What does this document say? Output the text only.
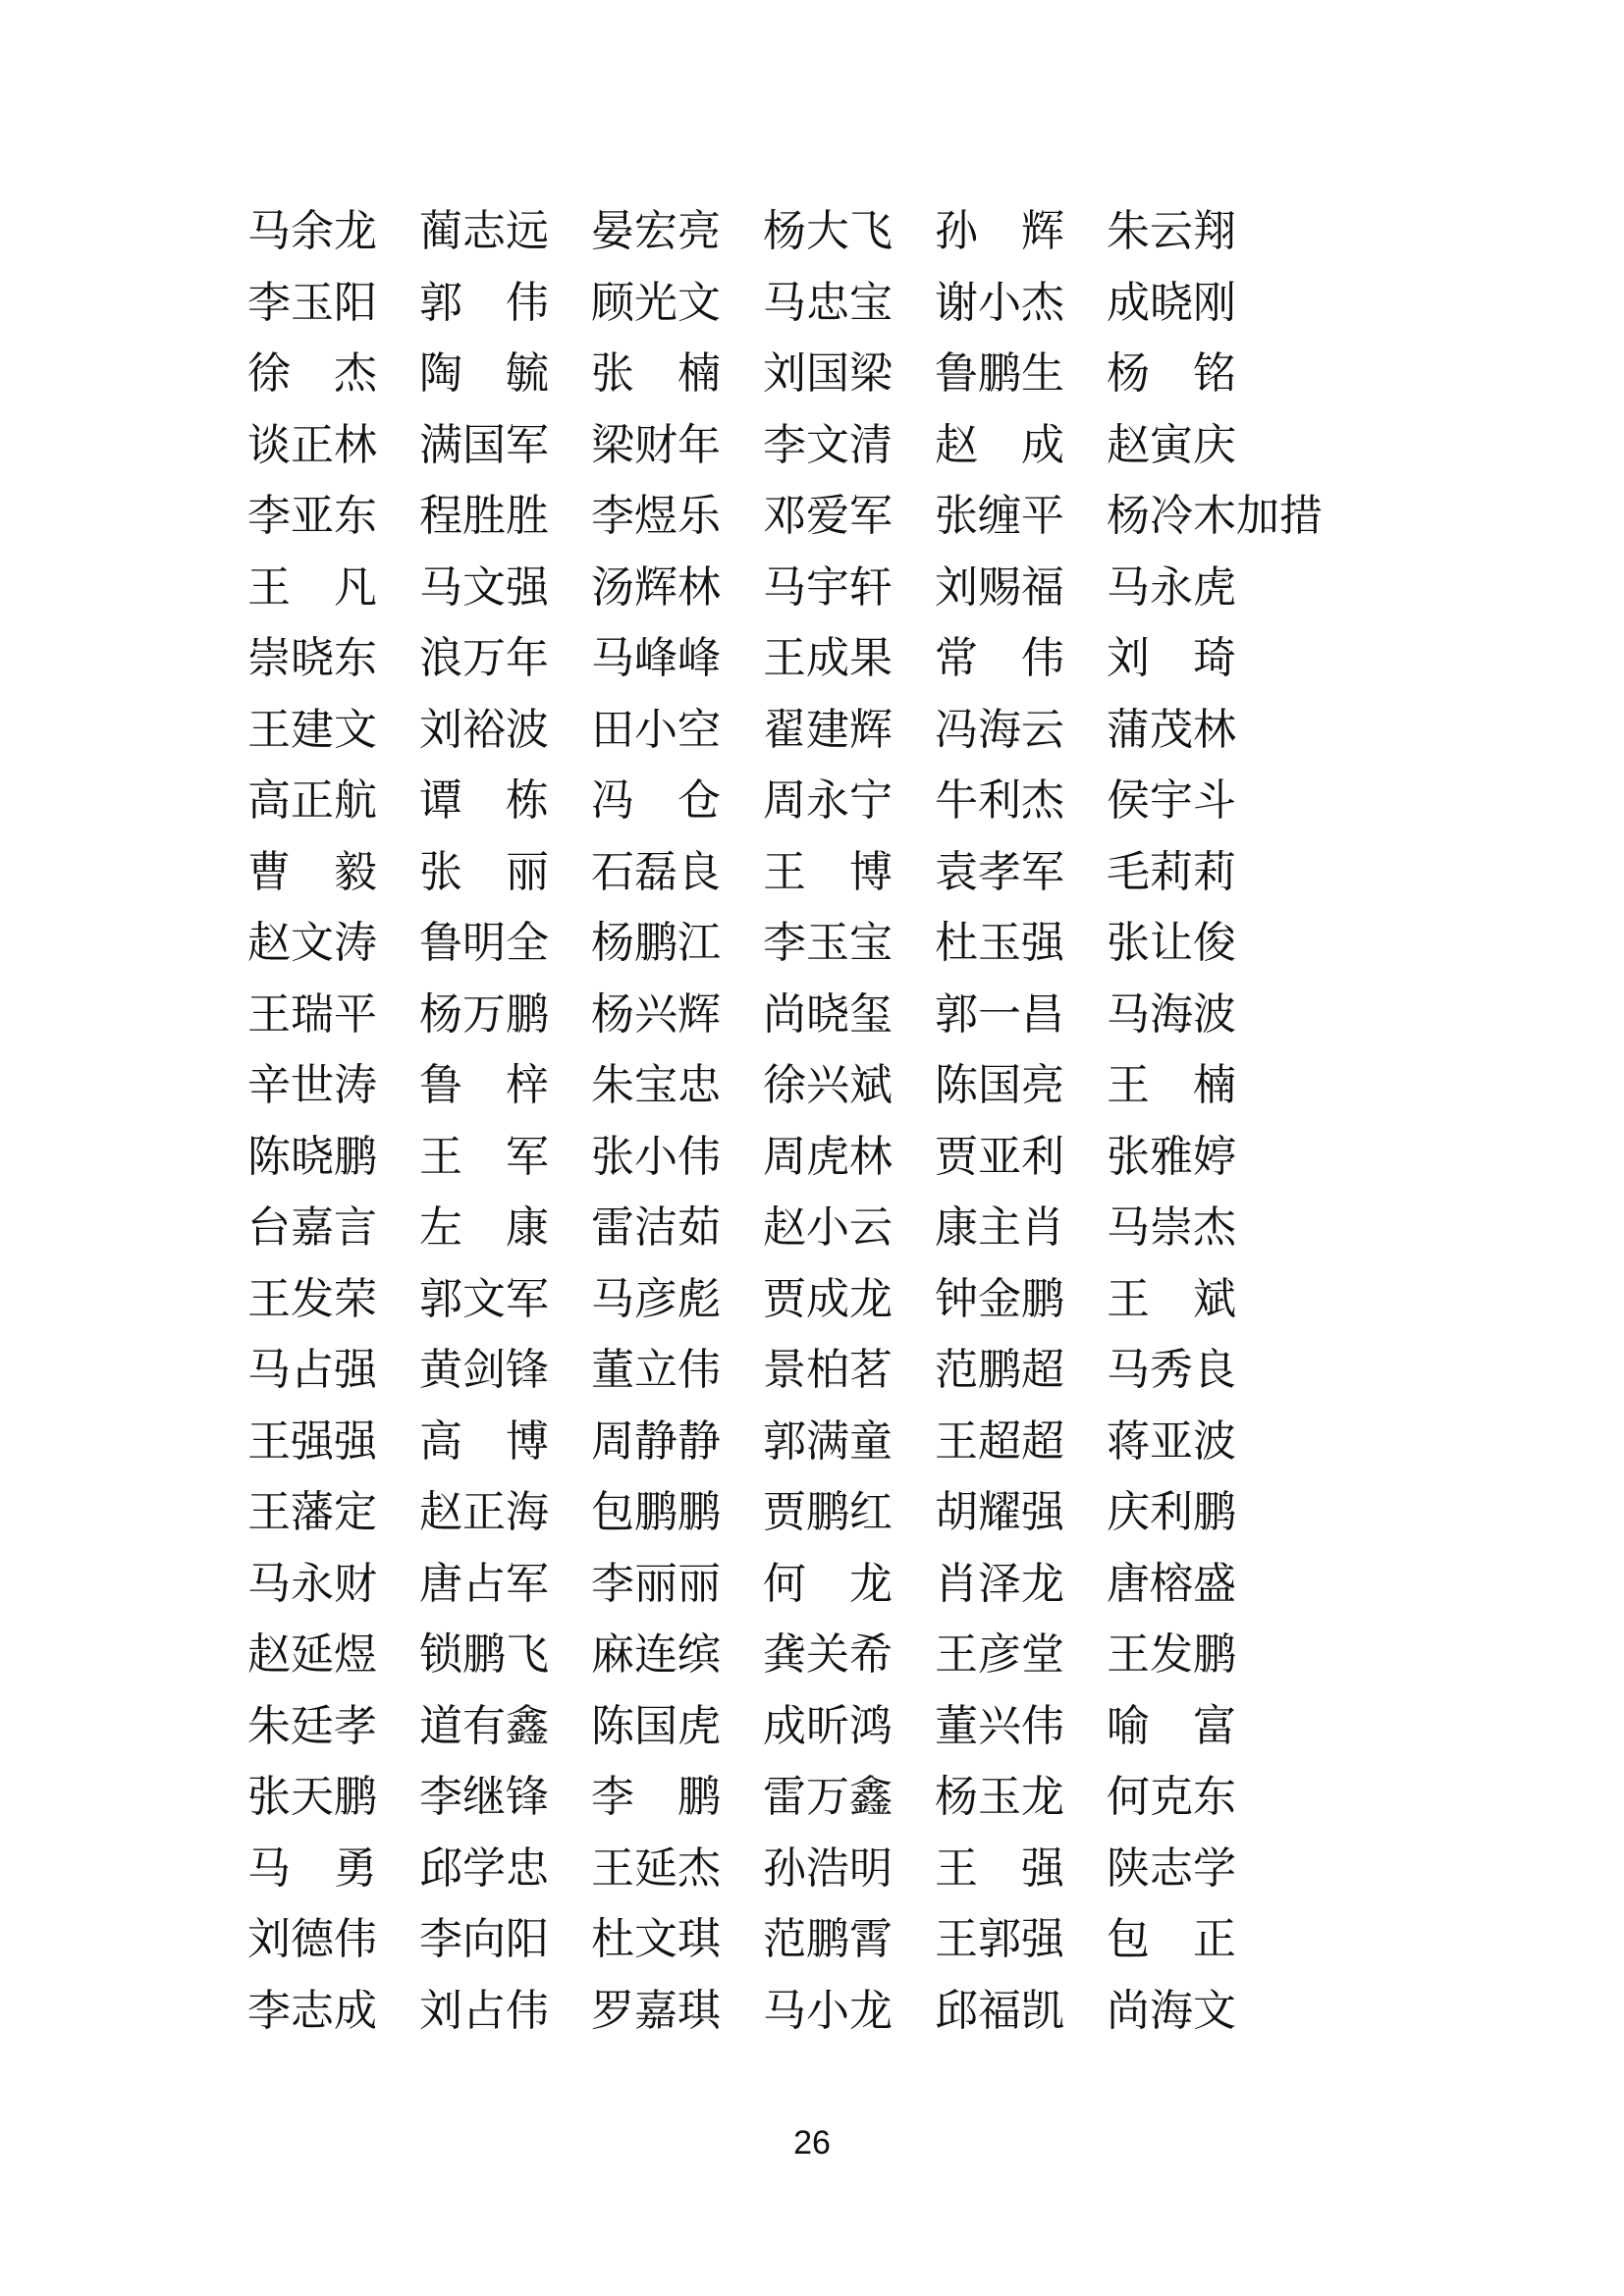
马余龙 蔺志远 晏宏亮 杨大飞 孙　辉 朱云翔
李玉阳 郭　伟 顾光文 马忠宝 谢小杰 成晓刚
徐　杰 陶　毓 张　楠 刘国梁 鲁鹏生 杨　铭
谈正林 满国军 梁财年 李文清 赵　成 赵寅庆
李亚东 程胜胜 李煜乐 邓爱军 张缠平 杨冷木加措
王　凡 马文强 汤辉林 马宇轩 刘赐福 马永虎
崇晓东 浪万年 马峰峰 王成果 常　伟 刘　琦
王建文 刘裕波 田小空 翟建辉 冯海云 蒲茂林
高正航 谭　栋 冯　仓 周永宁 牛利杰 侯宇斗
曹　毅 张　丽 石磊良 王　博 袁孝军 毛莉莉
赵文涛 鲁明全 杨鹏江 李玉宝 杜玉强 张让俊
王瑞平 杨万鹏 杨兴辉 尚晓玺 郭一昌 马海波
辛世涛 鲁　梓 朱宝忠 徐兴斌 陈国亮 王　楠
陈晓鹏 王　军 张小伟 周虎林 贾亚利 张雅婷
台嘉言 左　康 雷洁茹 赵小云 康主肖 马崇杰
王发荣 郭文军 马彦彪 贾成龙 钟金鹏 王　斌
马占强 黄剑锋 董立伟 景柏茗 范鹏超 马秀良
王强强 高　博 周静静 郭满童 王超超 蒋亚波
王藩定 赵正海 包鹏鹏 贾鹏红 胡耀强 庆利鹏
马永财 唐占军 李丽丽 何　龙 肖泽龙 唐榕盛
赵延煜 锁鹏飞 麻连缤 龚关希 王彦堂 王发鹏
朱廷孝 道有鑫 陈国虎 成昕鸿 董兴伟 喻　富
张天鹏 李继锋 李　鹏 雷万鑫 杨玉龙 何克东
马　勇 邱学忠 王延杰 孙浩明 王　强 陕志学
刘德伟 李向阳 杜文琪 范鹏霄 王郭强 包　正
李志成 刘占伟 罗嘉琪 马小龙 邱福凯 尚海文
26
